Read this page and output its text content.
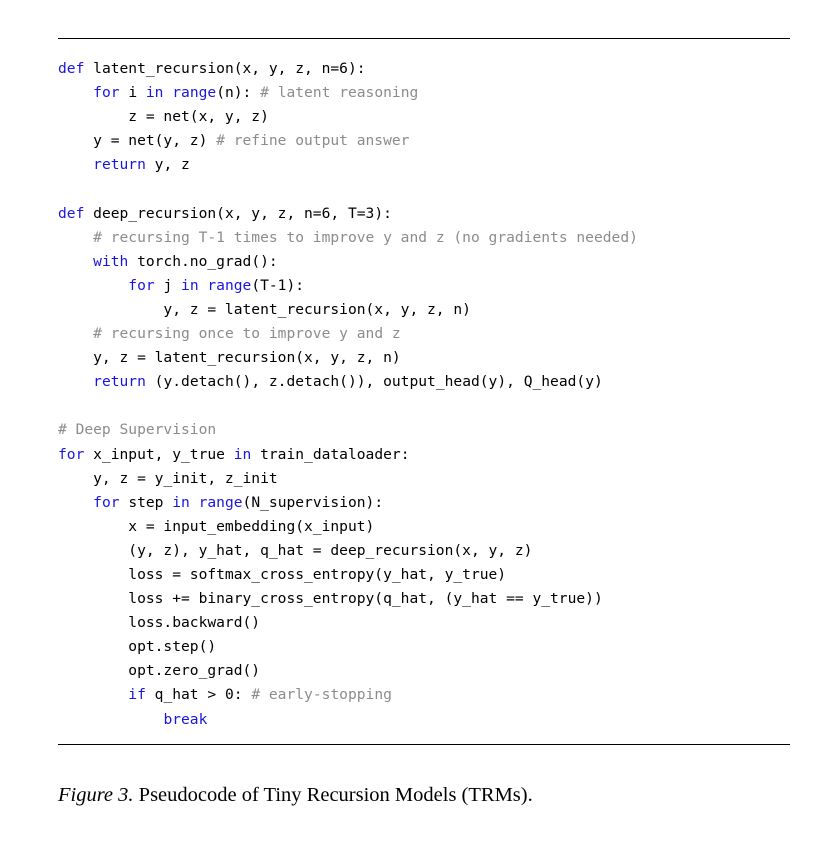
def latent_recursion(x, y, z, n=6):
for i in range(n): # latent reasoning
z = net(x, y, z)
y = net(y, z) # refine output answer
return y, z

def deep_recursion(x, y, z, n=6, T=3):
# recursing T-1 times to improve y and z (no gradients needed)
with torch.no_grad():
for j in range(T-1):
y, z = latent_recursion(x, y, z, n)
# recursing once to improve y and z
y, z = latent_recursion(x, y, z, n)
return (y.detach(), z.detach()), output_head(y), Q_head(y)

# Deep Supervision
for x_input, y_true in train_dataloader:
y, z = y_init, z_init
for step in range(N_supervision):
x = input_embedding(x_input)
(y, z), y_hat, q_hat = deep_recursion(x, y, z)
loss = softmax_cross_entropy(y_hat, y_true)
loss += binary_cross_entropy(q_hat, (y_hat == y_true))
loss.backward()
opt.step()
opt.zero_grad()
if q_hat > 0: # early-stopping
break
Figure 3. Pseudocode of Tiny Recursion Models (TRMs).
